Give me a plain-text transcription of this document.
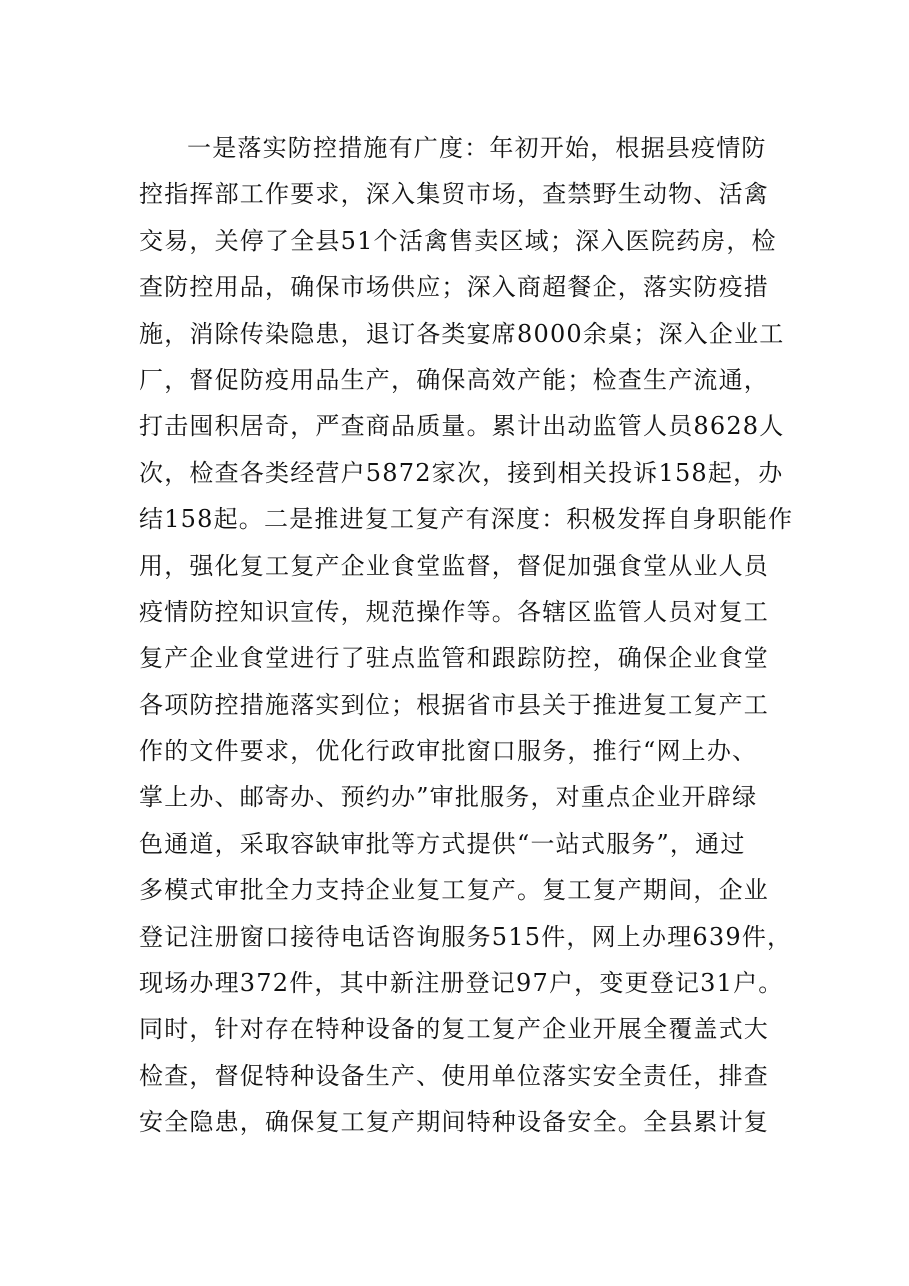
一是落实防控措施有广度：年初开始，根据县疫情防
控指挥部工作要求，深入集贸市场，查禁野生动物、活禽
交易，关停了全县51个活禽售卖区域；深入医院药房，检
查防控用品，确保市场供应；深入商超餐企，落实防疫措
施，消除传染隐患，退订各类宴席8000余桌；深入企业工
厂，督促防疫用品生产，确保高效产能；检查生产流通，
打击囤积居奇，严查商品质量。累计出动监管人员8628人
次，检查各类经营户5872家次，接到相关投诉158起，办
结158起。二是推进复工复产有深度：积极发挥自身职能作
用，强化复工复产企业食堂监督，督促加强食堂从业人员
疫情防控知识宣传，规范操作等。各辖区监管人员对复工
复产企业食堂进行了驻点监管和跟踪防控，确保企业食堂
各项防控措施落实到位；根据省市县关于推进复工复产工
作的文件要求，优化行政审批窗口服务，推行“网上办、
掌上办、邮寄办、预约办”审批服务，对重点企业开辟绿
色通道，采取容缺审批等方式提供“一站式服务”，通过
多模式审批全力支持企业复工复产。复工复产期间，企业
登记注册窗口接待电话咨询服务515件，网上办理639件，
现场办理372件，其中新注册登记97户，变更登记31户。
同时，针对存在特种设备的复工复产企业开展全覆盖式大
检查，督促特种设备生产、使用单位落实安全责任，排查
安全隐患，确保复工复产期间特种设备安全。全县累计复
